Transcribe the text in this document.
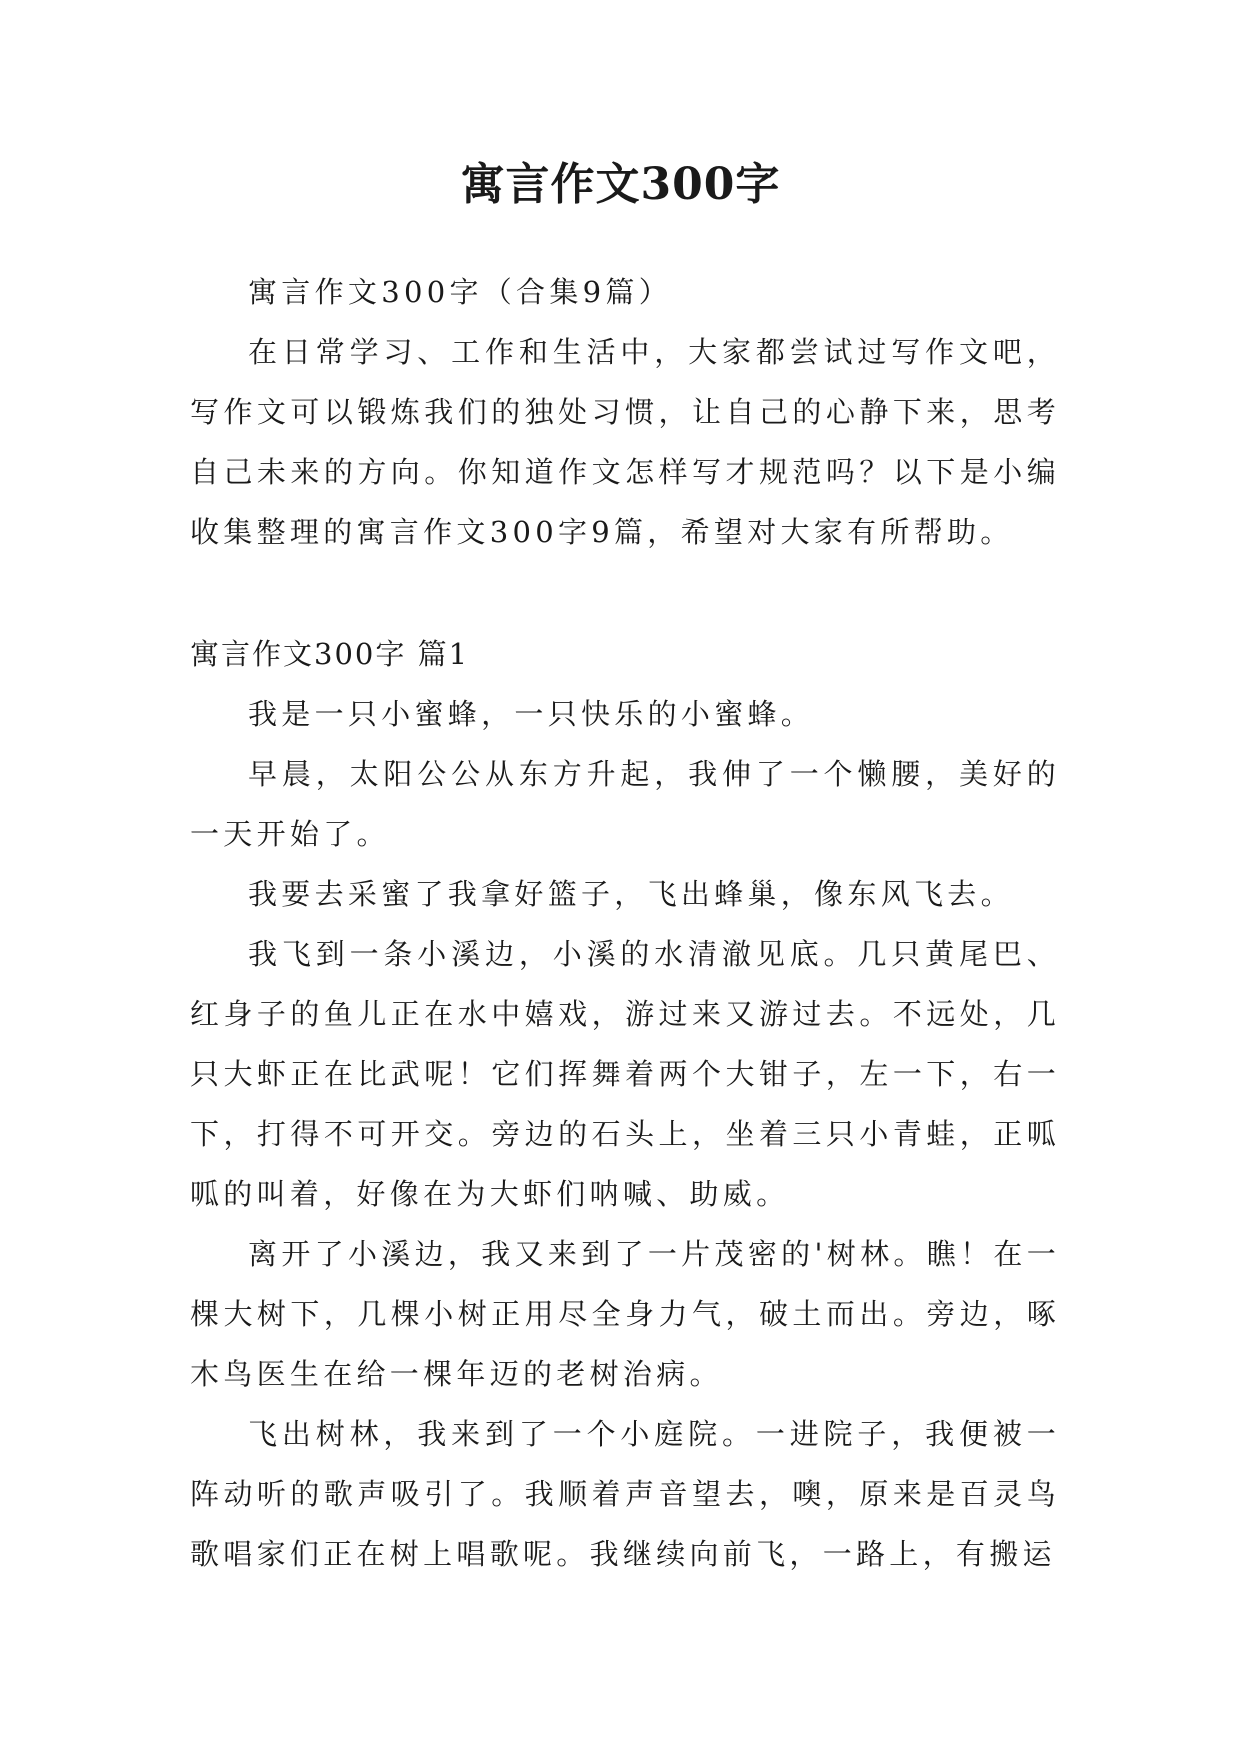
寓言作文300字

寓言作文300字（合集9篇）

在日常学习、工作和生活中，大家都尝试过写作文吧，写作文可以锻炼我们的独处习惯，让自己的心静下来，思考自己未来的方向。你知道作文怎样写才规范吗？以下是小编收集整理的寓言作文300字9篇，希望对大家有所帮助。

寓言作文300字 篇1

我是一只小蜜蜂，一只快乐的小蜜蜂。

早晨，太阳公公从东方升起，我伸了一个懒腰，美好的一天开始了。

我要去采蜜了我拿好篮子，飞出蜂巢，像东风飞去。

我飞到一条小溪边，小溪的水清澈见底。几只黄尾巴、红身子的鱼儿正在水中嬉戏，游过来又游过去。不远处，几只大虾正在比武呢！它们挥舞着两个大钳子，左一下，右一下，打得不可开交。旁边的石头上，坐着三只小青蛙，正呱呱的叫着，好像在为大虾们呐喊、助威。

离开了小溪边，我又来到了一片茂密的'树林。瞧！在一棵大树下，几棵小树正用尽全身力气，破土而出。旁边，啄木鸟医生在给一棵年迈的老树治病。

飞出树林，我来到了一个小庭院。一进院子，我便被一阵动听的歌声吸引了。我顺着声音望去，噢，原来是百灵鸟歌唱家们正在树上唱歌呢。我继续向前飞，一路上，有搬运
